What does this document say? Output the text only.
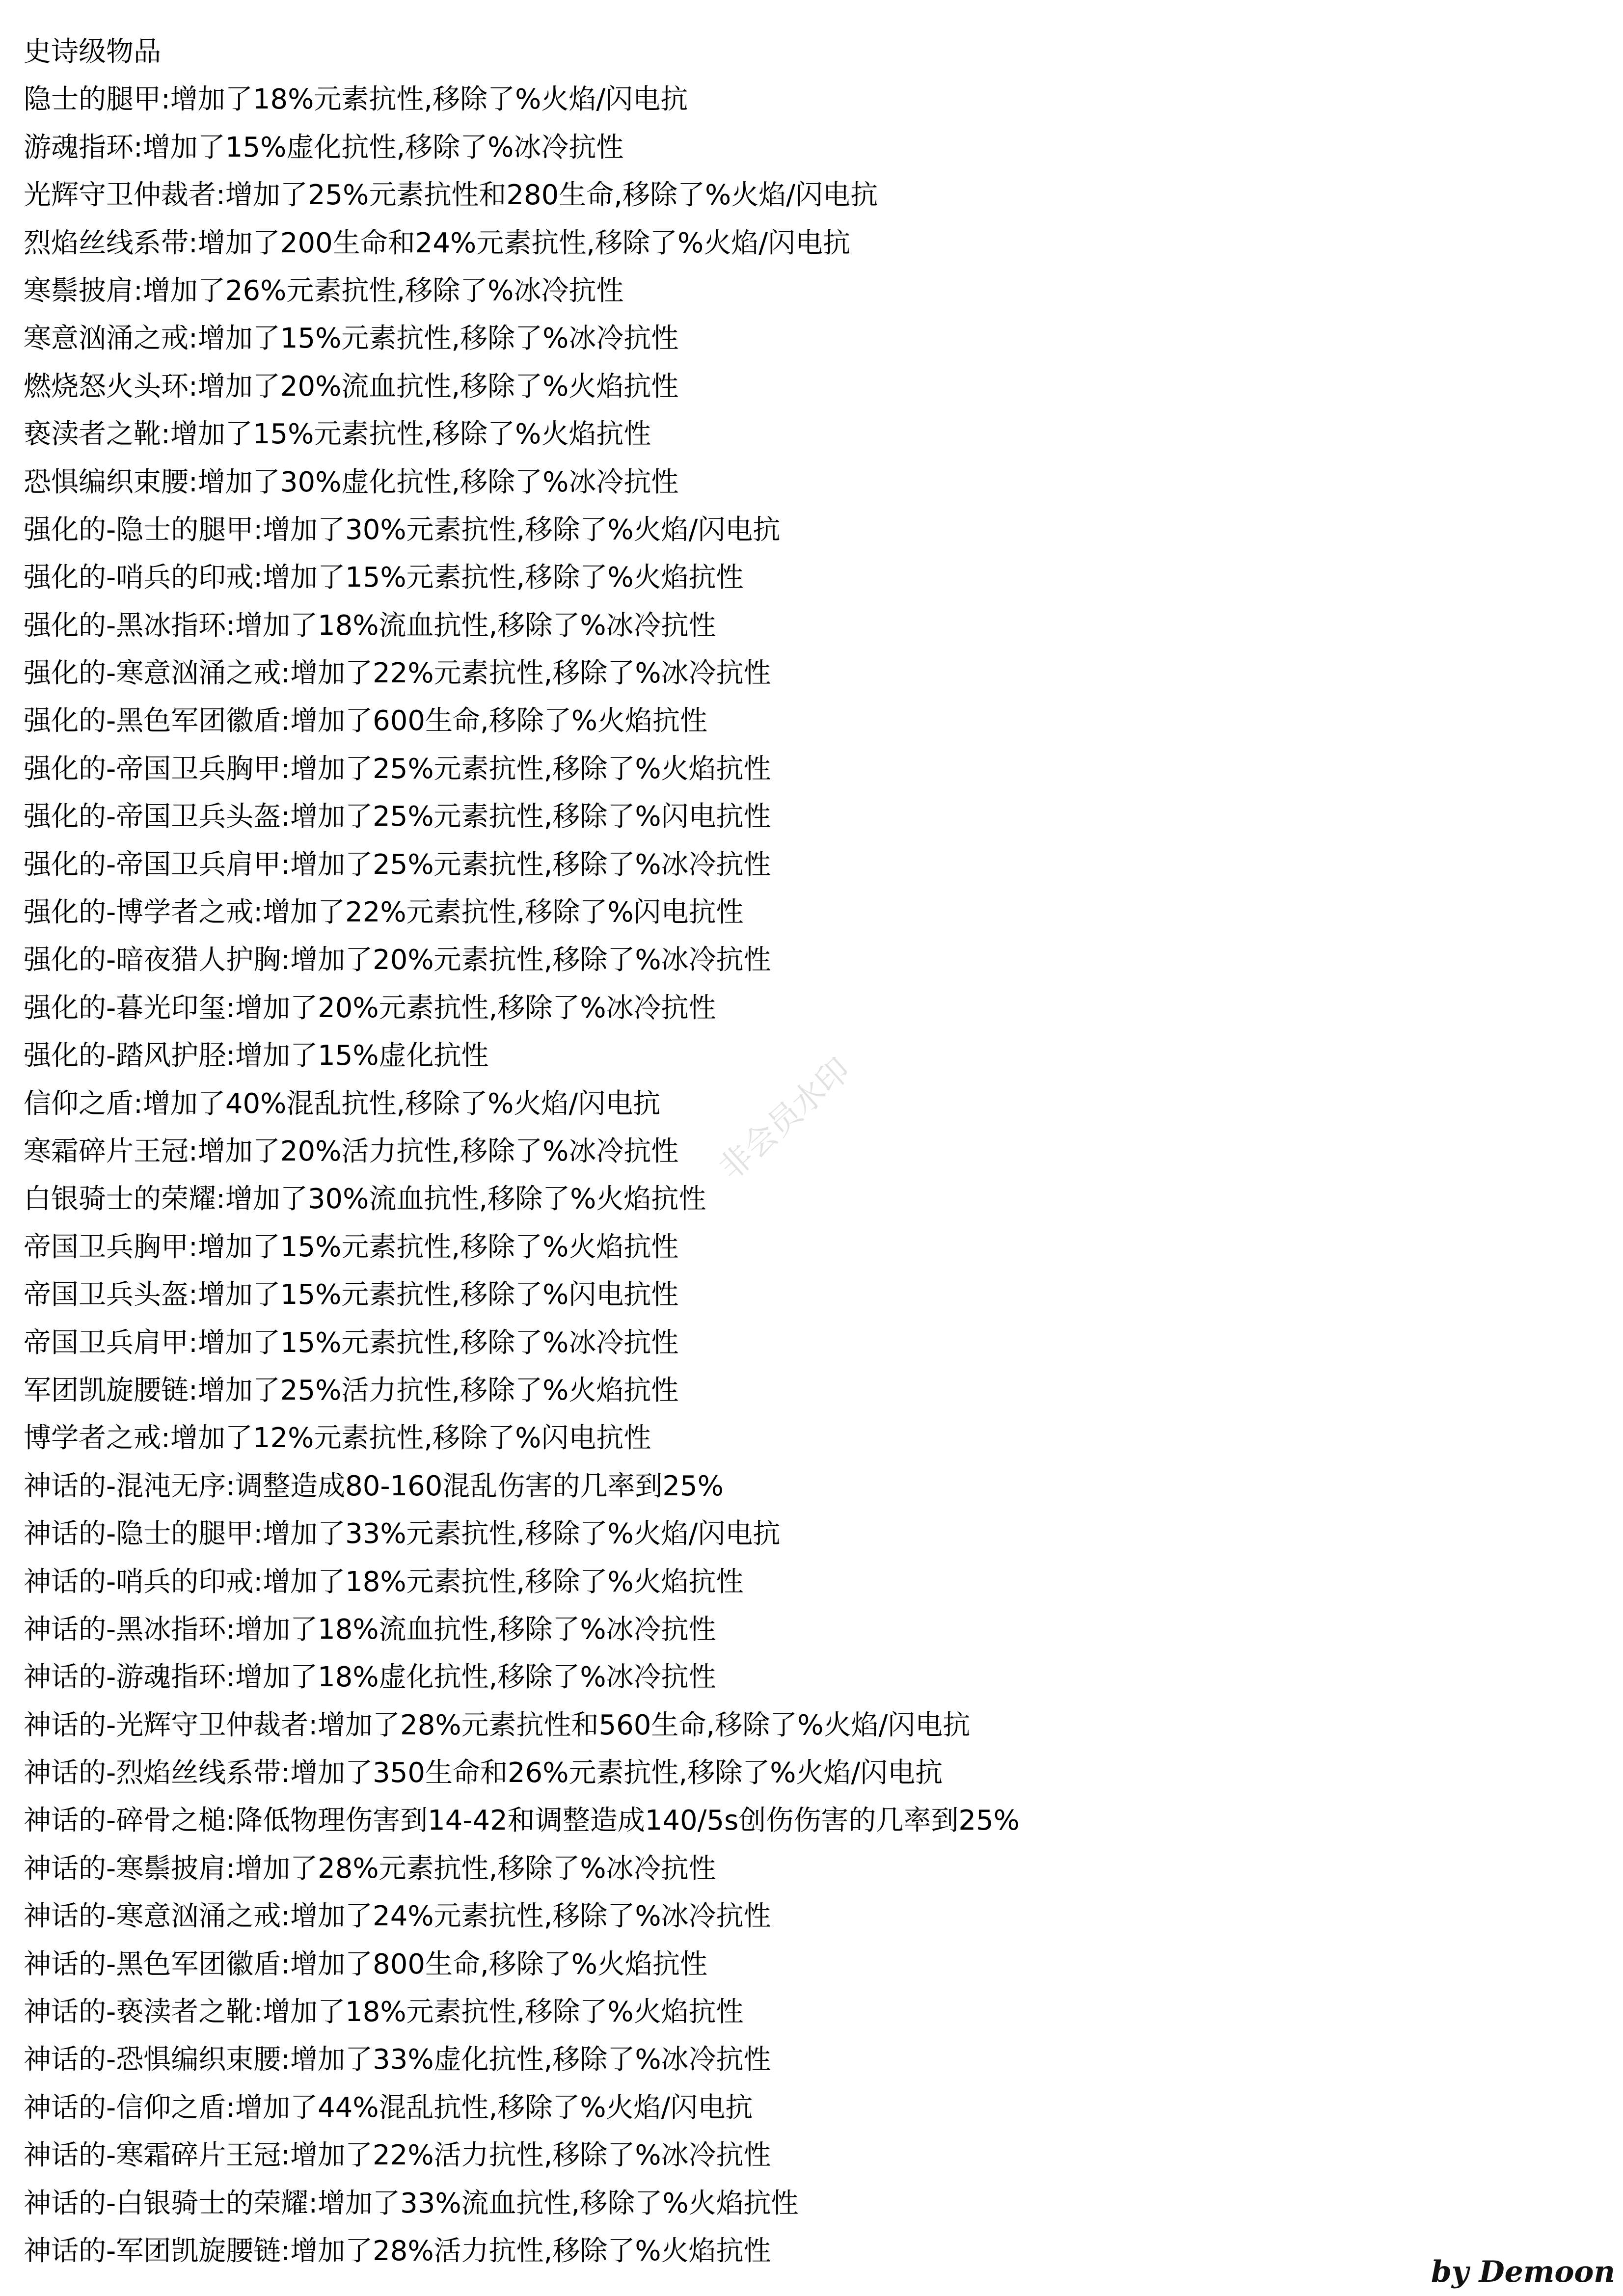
史诗级物品
隐士的腿甲:增加了18%元素抗性,移除了%火焰/闪电抗
游魂指环:增加了15%虚化抗性,移除了%冰冷抗性
光辉守卫仲裁者:增加了25%元素抗性和280生命,移除了%火焰/闪电抗
烈焰丝线系带:增加了200生命和24%元素抗性,移除了%火焰/闪电抗
寒鬃披肩:增加了26%元素抗性,移除了%冰冷抗性
寒意汹涌之戒:增加了15%元素抗性,移除了%冰冷抗性
燃烧怒火头环:增加了20%流血抗性,移除了%火焰抗性
亵渎者之靴:增加了15%元素抗性,移除了%火焰抗性
恐惧编织束腰:增加了30%虚化抗性,移除了%冰冷抗性
强化的-隐士的腿甲:增加了30%元素抗性,移除了%火焰/闪电抗
强化的-哨兵的印戒:增加了15%元素抗性,移除了%火焰抗性
强化的-黑冰指环:增加了18%流血抗性,移除了%冰冷抗性
强化的-寒意汹涌之戒:增加了22%元素抗性,移除了%冰冷抗性
强化的-黑色军团徽盾:增加了600生命,移除了%火焰抗性
强化的-帝国卫兵胸甲:增加了25%元素抗性,移除了%火焰抗性
强化的-帝国卫兵头盔:增加了25%元素抗性,移除了%闪电抗性
强化的-帝国卫兵肩甲:增加了25%元素抗性,移除了%冰冷抗性
强化的-博学者之戒:增加了22%元素抗性,移除了%闪电抗性
强化的-暗夜猎人护胸:增加了20%元素抗性,移除了%冰冷抗性
强化的-暮光印玺:增加了20%元素抗性,移除了%冰冷抗性
强化的-踏风护胫:增加了15%虚化抗性
信仰之盾:增加了40%混乱抗性,移除了%火焰/闪电抗
寒霜碎片王冠:增加了20%活力抗性,移除了%冰冷抗性
白银骑士的荣耀:增加了30%流血抗性,移除了%火焰抗性
帝国卫兵胸甲:增加了15%元素抗性,移除了%火焰抗性
帝国卫兵头盔:增加了15%元素抗性,移除了%闪电抗性
帝国卫兵肩甲:增加了15%元素抗性,移除了%冰冷抗性
军团凯旋腰链:增加了25%活力抗性,移除了%火焰抗性
博学者之戒:增加了12%元素抗性,移除了%闪电抗性
神话的-混沌无序:调整造成80-160混乱伤害的几率到25%
神话的-隐士的腿甲:增加了33%元素抗性,移除了%火焰/闪电抗
神话的-哨兵的印戒:增加了18%元素抗性,移除了%火焰抗性
神话的-黑冰指环:增加了18%流血抗性,移除了%冰冷抗性
神话的-游魂指环:增加了18%虚化抗性,移除了%冰冷抗性
神话的-光辉守卫仲裁者:增加了28%元素抗性和560生命,移除了%火焰/闪电抗
神话的-烈焰丝线系带:增加了350生命和26%元素抗性,移除了%火焰/闪电抗
神话的-碎骨之槌:降低物理伤害到14-42和调整造成140/5s创伤伤害的几率到25%
神话的-寒鬃披肩:增加了28%元素抗性,移除了%冰冷抗性
神话的-寒意汹涌之戒:增加了24%元素抗性,移除了%冰冷抗性
神话的-黑色军团徽盾:增加了800生命,移除了%火焰抗性
神话的-亵渎者之靴:增加了18%元素抗性,移除了%火焰抗性
神话的-恐惧编织束腰:增加了33%虚化抗性,移除了%冰冷抗性
神话的-信仰之盾:增加了44%混乱抗性,移除了%火焰/闪电抗
神话的-寒霜碎片王冠:增加了22%活力抗性,移除了%冰冷抗性
神话的-白银骑士的荣耀:增加了33%流血抗性,移除了%火焰抗性
神话的-军团凯旋腰链:增加了28%活力抗性,移除了%火焰抗性
非会员水印
by Demoon
